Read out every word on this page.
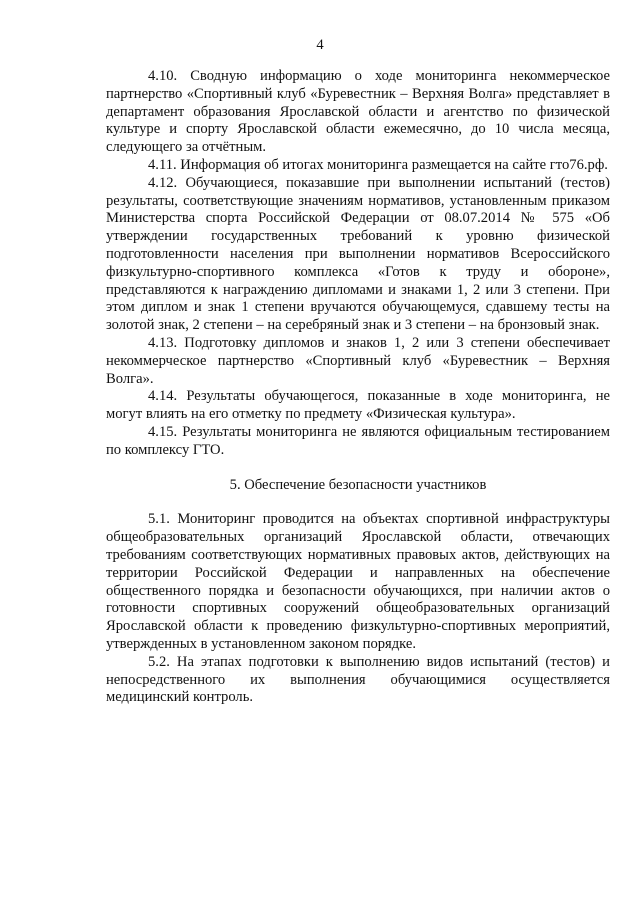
4

4.10. Сводную информацию о ходе мониторинга некоммерческое партнерство «Спортивный клуб «Буревестник – Верхняя Волга» представляет в департамент образования Ярославской области и агентство по физической культуре и спорту Ярославской области ежемесячно, до 10 числа месяца, следующего за отчётным.

4.11. Информация об итогах мониторинга размещается на сайте гто76.рф.

4.12. Обучающиеся, показавшие при выполнении испытаний (тестов) результаты, соответствующие значениям нормативов, установленным приказом Министерства спорта Российской Федерации от 08.07.2014 № 575 «Об утверждении государственных требований к уровню физической подготовленности населения при выполнении нормативов Всероссийского физкультурно-спортивного комплекса «Готов к труду и обороне», представляются к награждению дипломами и знаками 1, 2 или 3 степени. При этом диплом и знак 1 степени вручаются обучающемуся, сдавшему тесты на золотой знак, 2 степени – на серебряный знак и 3 степени – на бронзовый знак.

4.13. Подготовку дипломов и знаков 1, 2 или 3 степени обеспечивает некоммерческое партнерство «Спортивный клуб «Буревестник – Верхняя Волга».

4.14. Результаты обучающегося, показанные в ходе мониторинга, не могут влиять на его отметку по предмету «Физическая культура».

4.15. Результаты мониторинга не являются официальным тестированием по комплексу ГТО.

5. Обеспечение безопасности участников

5.1. Мониторинг проводится на объектах спортивной инфраструктуры общеобразовательных организаций Ярославской области, отвечающих требованиям соответствующих нормативных правовых актов, действующих на территории Российской Федерации и направленных на обеспечение общественного порядка и безопасности обучающихся, при наличии актов о готовности спортивных сооружений общеобразовательных организаций Ярославской области к проведению физкультурно-спортивных мероприятий, утвержденных в установленном законом порядке.

5.2. На этапах подготовки к выполнению видов испытаний (тестов) и непосредственного их выполнения обучающимися осуществляется медицинский контроль.
